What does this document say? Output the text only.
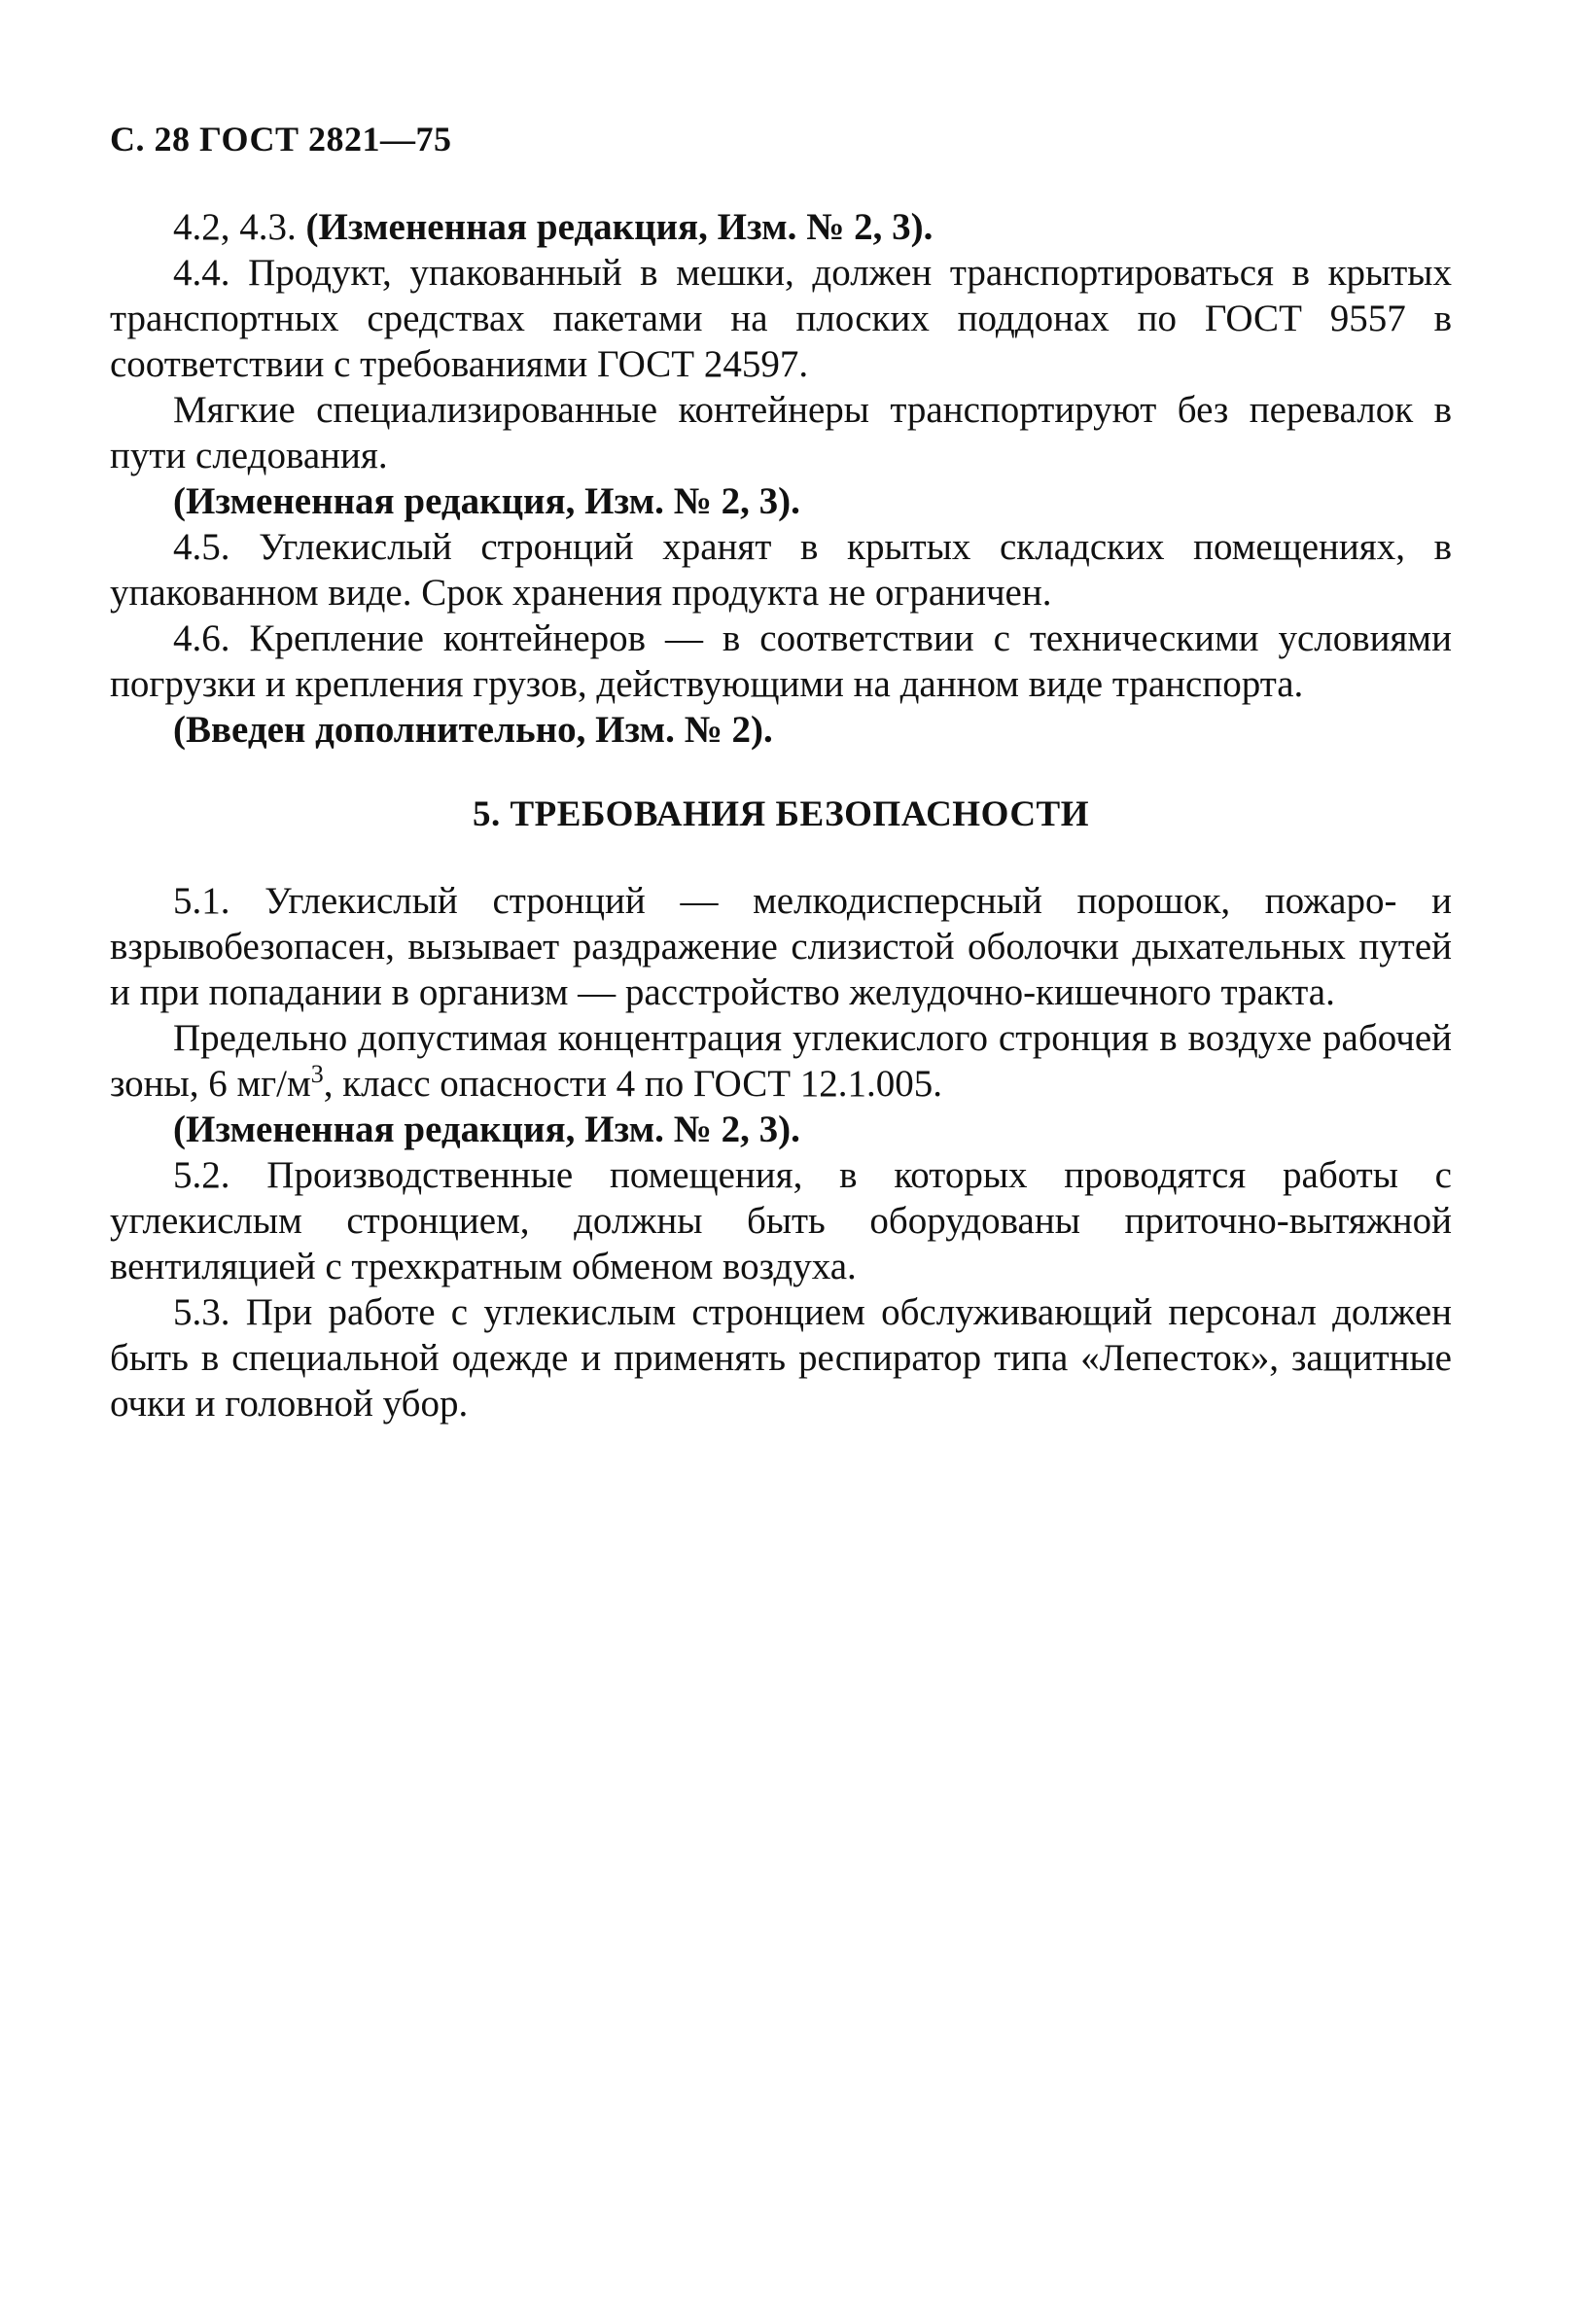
С. 28 ГОСТ 2821—75

4.2, 4.3. (Измененная редакция, Изм. № 2, 3).

4.4. Продукт, упакованный в мешки, должен транспортироваться в крытых транспортных средствах пакетами на плоских поддонах по ГОСТ 9557 в соответствии с требованиями ГОСТ 24597.

Мягкие специализированные контейнеры транспортируют без перевалок в пути следования.

(Измененная редакция, Изм. № 2, 3).

4.5. Углекислый стронций хранят в крытых складских помещениях, в упакованном виде. Срок хранения продукта не ограничен.

4.6. Крепление контейнеров — в соответствии с техническими условиями погрузки и крепления грузов, действующими на данном виде транспорта.

(Введен дополнительно, Изм. № 2).

5. ТРЕБОВАНИЯ БЕЗОПАСНОСТИ

5.1. Углекислый стронций — мелкодисперсный порошок, пожаро- и взрывобезопасен, вызывает раздражение слизистой оболочки дыхательных путей и при попадании в организм — расстройство желудочно-кишечного тракта.

Предельно допустимая концентрация углекислого стронция в воздухе рабочей зоны, 6 $мг/м^3$, класс опасности 4 по ГОСТ 12.1.005.

(Измененная редакция, Изм. № 2, 3).

5.2. Производственные помещения, в которых проводятся работы с углекислым стронцием, должны быть оборудованы приточно-вытяжной вентиляцией с трехкратным обменом воздуха.

5.3. При работе с углекислым стронцием обслуживающий персонал должен быть в специальной одежде и применять респиратор типа «Лепесток», защитные очки и головной убор.
